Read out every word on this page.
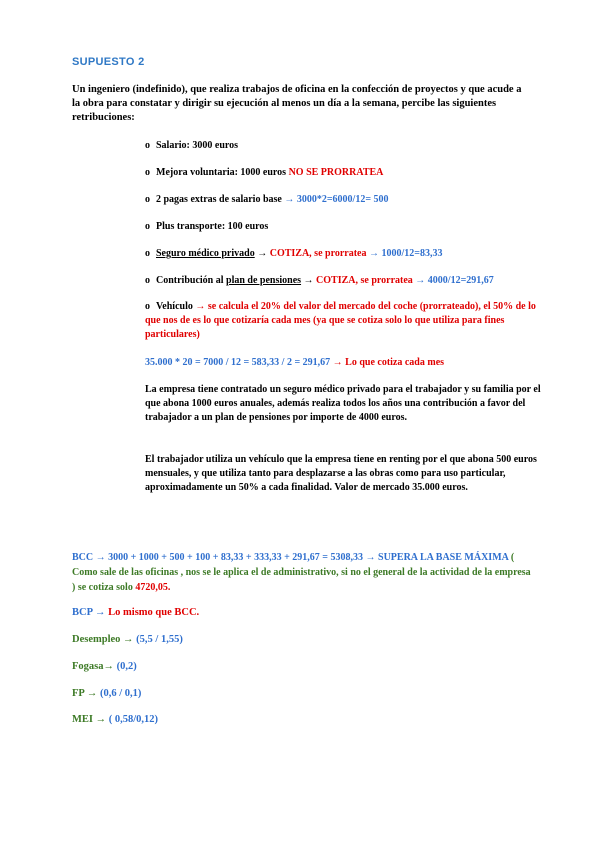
SUPUESTO 2
Un ingeniero (indefinido), que realiza trabajos de oficina en la confección de proyectos y que acude a la obra para constatar y dirigir su ejecución al menos un día a la semana, percibe las siguientes retribuciones:
o Salario: 3000 euros
o Mejora voluntaria: 1000 euros NO SE PRORRATEA
o 2 pagas extras de salario base → 3000*2=6000/12= 500
o Plus transporte: 100 euros
o Seguro médico privado → COTIZA, se prorratea → 1000/12=83,33
o Contribución al plan de pensiones → COTIZA, se prorratea → 4000/12=291,67
o Vehículo → se calcula el 20% del valor del mercado del coche (prorrateado), el 50% de lo que nos de es lo que cotizaría cada mes (ya que se cotiza solo lo que utiliza para fines particulares)
35.000 * 20 = 7000 / 12 = 583,33 / 2 = 291,67 → Lo que cotiza cada mes
La empresa tiene contratado un seguro médico privado para el trabajador y su familia por el que abona 1000 euros anuales, además realiza todos los años una contribución a favor del trabajador a un plan de pensiones por importe de 4000 euros.
El trabajador utiliza un vehículo que la empresa tiene en renting por el que abona 500 euros mensuales, y que utiliza tanto para desplazarse a las obras como para uso particular, aproximadamente un 50% a cada finalidad. Valor de mercado 35.000 euros.
BCC → 3000 + 1000 + 500 + 100 + 83,33 + 333,33 + 291,67 = 5308,33 → SUPERA LA BASE MÁXIMA ( Como sale de las oficinas , nos se le aplica el de administrativo, si no el general de la actividad de la empresa ) se cotiza solo 4720,05.
BCP → Lo mismo que BCC.
Desempleo → (5,5 / 1,55)
Fogasa→ (0,2)
FP → (0,6 / 0,1)
MEI → ( 0,58/0,12)
